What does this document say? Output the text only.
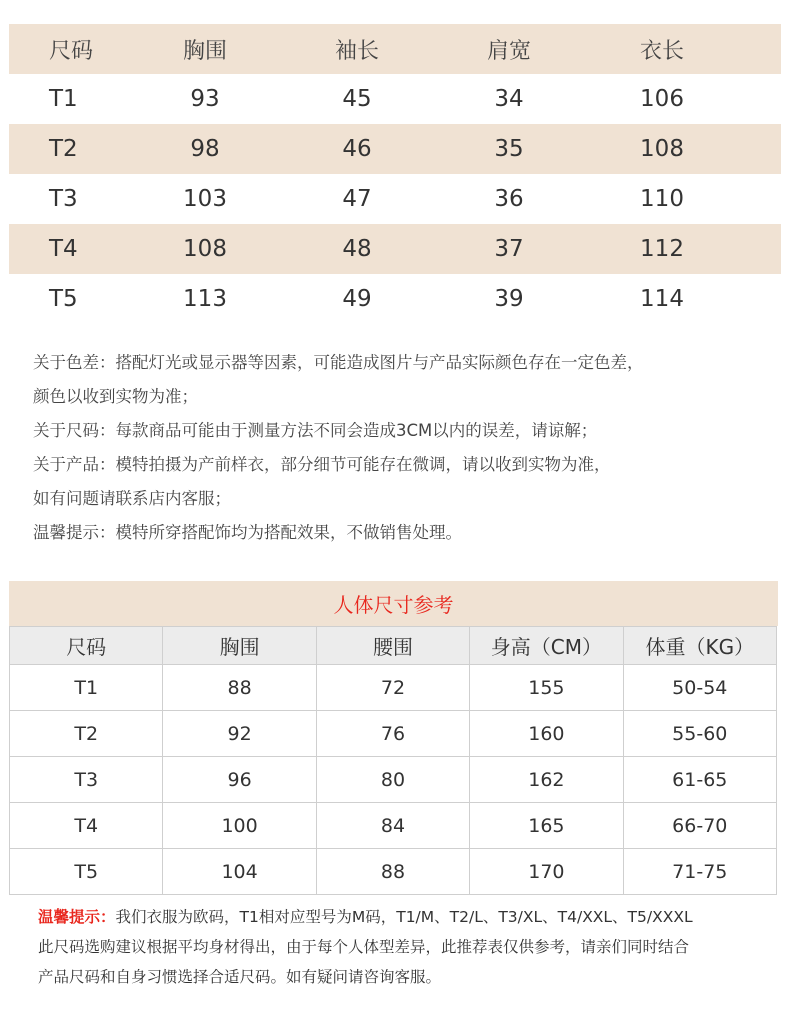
尺码	胸围	袖长	肩宽	衣长
T1	93	45	34	106
T2	98	46	35	108
T3	103	47	36	110
T4	108	48	37	112
T5	113	49	39	114
关于色差：搭配灯光或显示器等因素，可能造成图片与产品实际颜色存在一定色差，
颜色以收到实物为准；
关于尺码：每款商品可能由于测量方法不同会造成3CM以内的误差，请谅解；
关于产品：模特拍摄为产前样衣，部分细节可能存在微调，请以收到实物为准，
如有问题请联系店内客服；
温馨提示：模特所穿搭配饰均为搭配效果，不做销售处理。
人体尺寸参考
尺码	胸围	腰围	身高（CM）	体重（KG）
T1	88	72	155	50-54
T2	92	76	160	55-60
T3	96	80	162	61-65
T4	100	84	165	66-70
T5	104	88	170	71-75
温馨提示：我们衣服为欧码，T1相对应型号为M码，T1/M、T2/L、T3/XL、T4/XXL、T5/XXXL
此尺码选购建议根据平均身材得出，由于每个人体型差异，此推荐表仅供参考，请亲们同时结合
产品尺码和自身习惯选择合适尺码。如有疑问请咨询客服。
